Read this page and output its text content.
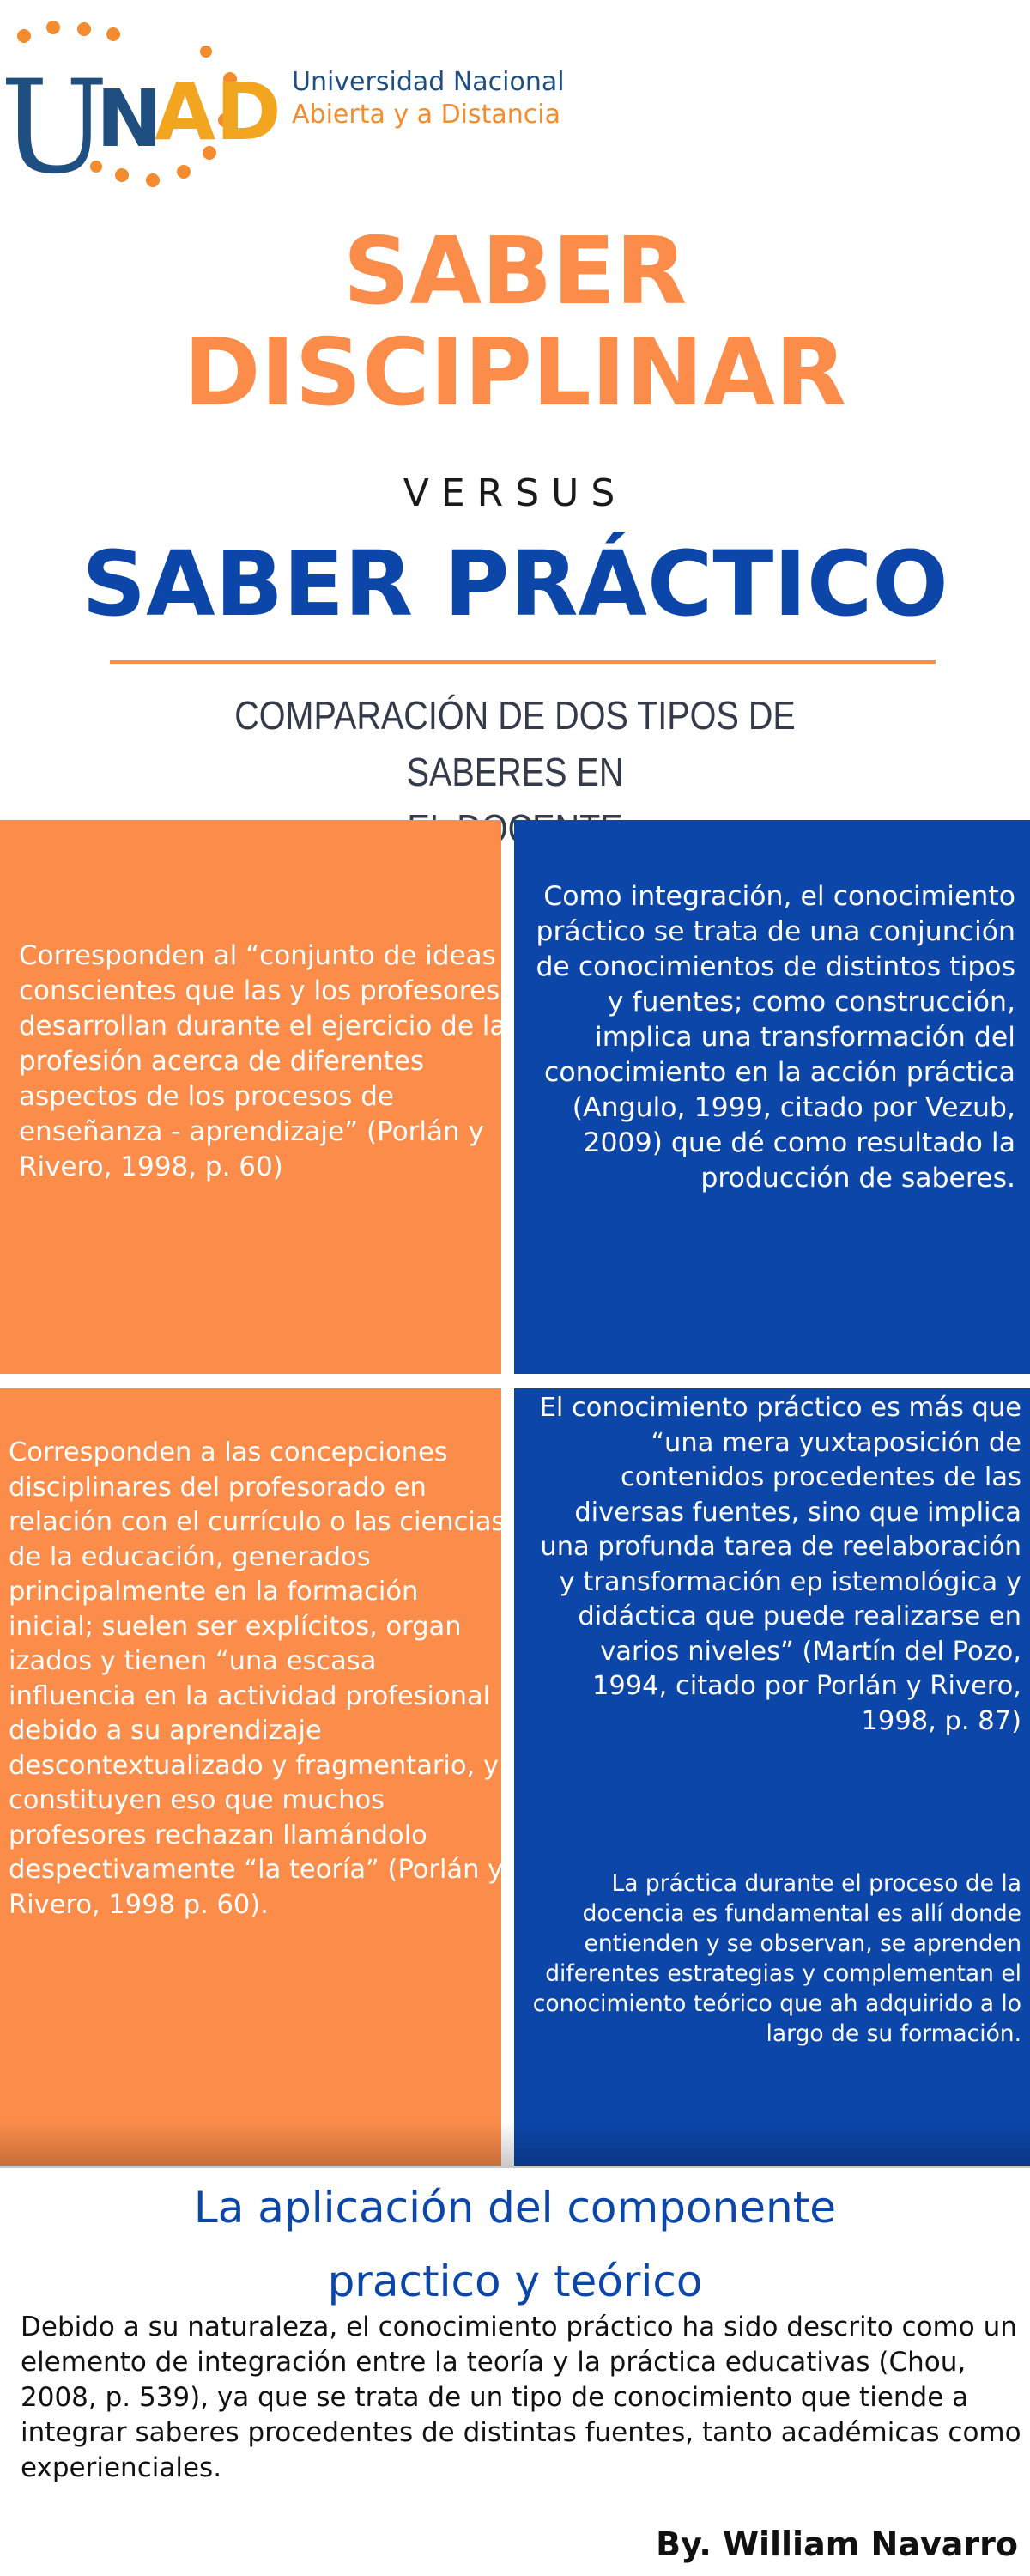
U
N
AD Universidad Nacional
Abierta y a Distancia
SABER
DISCIPLINAR
VERSUS
SABER PRÁCTICO
COMPARACIÓN DE DOS TIPOS DE SABERES EN
Corresponden al “conjunto de ideas conscientes que las y los profesores desarrollan durante el ejercicio de la profesión acerca de diferentes aspectos de los procesos de enseñanza - aprendizaje” (Porlán y Rivero, 1998, p. 60)
Como integración, el conocimiento práctico se trata de una conjunción de conocimientos de distintos tipos y fuentes; como construcción, implica una transformación del conocimiento en la acción práctica (Angulo, 1999, citado por Vezub, 2009) que dé como resultado la producción de saberes.
Corresponden a las concepciones disciplinares del profesorado en relación con el currículo o las ciencias de la educación, generados principalmente en la formación inicial; suelen ser explícitos, organ izados y tienen “una escasa influencia en la actividad profesional debido a su aprendizaje descontextualizado y fragmentario, y constituyen eso que muchos profesores rechazan llamándolo despectivamente “la teoría” (Porlán y Rivero, 1998 p. 60).
El conocimiento práctico es más que “una mera yuxtaposición de contenidos procedentes de las diversas fuentes, sino que implica una profunda tarea de reelaboración y transformación ep istemológica y didáctica que puede realizarse en varios niveles” (Martín del Pozo, 1994, citado por Porlán y Rivero, 1998, p. 87)
La práctica durante el proceso de la docencia es fundamental es allí donde entienden y se observan, se aprenden diferentes estrategias y complementan el conocimiento teórico que ah adquirido a lo largo de su formación.
La aplicación del componente
practico y teórico
Debido a su naturaleza, el conocimiento práctico ha sido descrito como un elemento de integración entre la teoría y la práctica educativas (Chou, 2008, p. 539), ya que se trata de un tipo de conocimiento que tiende a integrar saberes procedentes de distintas fuentes, tanto académicas como experienciales.
By. William Navarro
